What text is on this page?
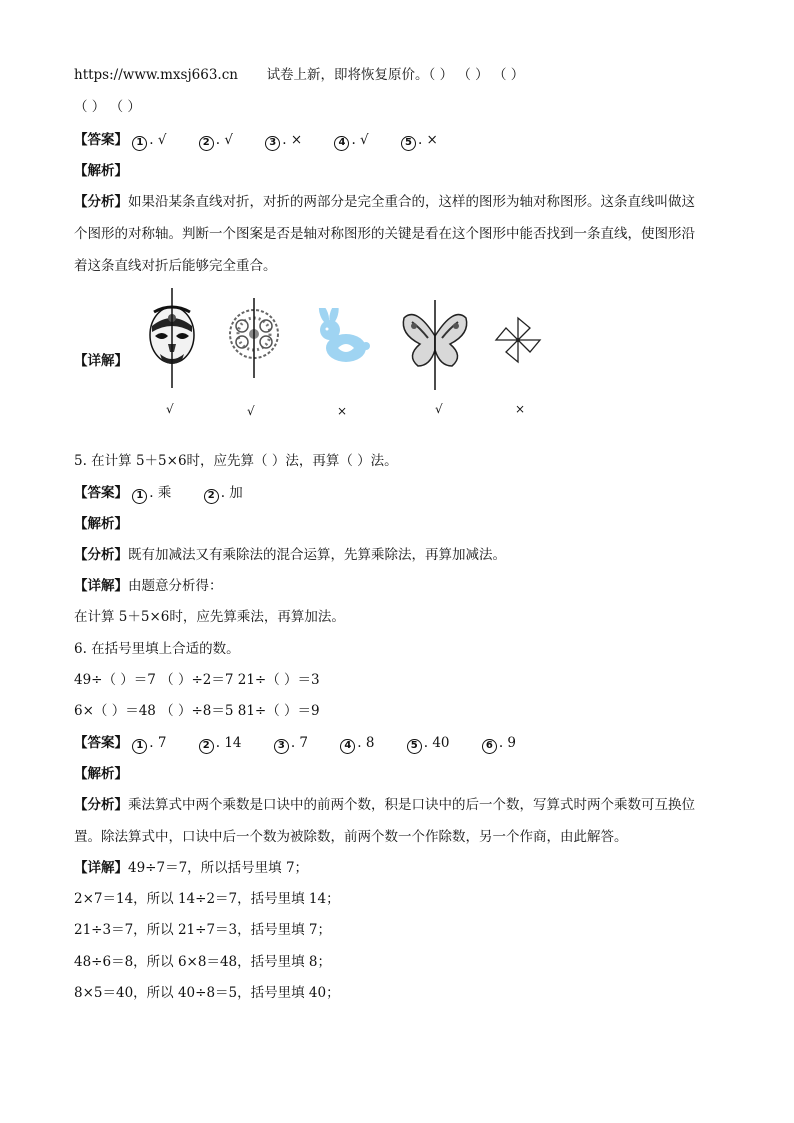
https://www.mxsj663.cn 试卷上新，即将恢复原价。（ ） （ ） （ ）
（ ） （ ）
【答案】 1 . √	2 . √	3 . ×	4 . √	5 . ×
【解析】
【分析】如果沿某条直线对折，对折的两部分是完全重合的，这样的图形为轴对称图形。这条直线叫做这
个图形的对称轴。判断一个图案是否是轴对称图形的关键是看在这个图形中能否找到一条直线，使图形沿
着这条直线对折后能够完全重合。
【详解】
√	√	×	√	×
5. 在计算 5＋5×6时，应先算（ ）法，再算（ ）法。
【答案】 1 . 乘	2 . 加
【解析】
【分析】既有加减法又有乘除法的混合运算，先算乘除法，再算加减法。
【详解】由题意分析得：
在计算 5＋5×6时，应先算乘法，再算加法。
6. 在括号里填上合适的数。
49÷（ ）＝7 （ ）÷2＝7 21÷（ ）＝3
6×（ ）＝48 （ ）÷8＝5 81÷（ ）＝9
【答案】 1 . 7	2 . 14	3 . 7	4 . 8	5 . 40	6 . 9
【解析】
【分析】乘法算式中两个乘数是口诀中的前两个数，积是口诀中的后一个数，写算式时两个乘数可互换位
置。除法算式中，口诀中后一个数为被除数，前两个数一个作除数，另一个作商，由此解答。
【详解】49÷7＝7，所以括号里填 7；
2×7＝14，所以 14÷2＝7，括号里填 14；
21÷3＝7，所以 21÷7＝3，括号里填 7；
48÷6＝8，所以 6×8＝48，括号里填 8；
8×5＝40，所以 40÷8＝5，括号里填 40；
